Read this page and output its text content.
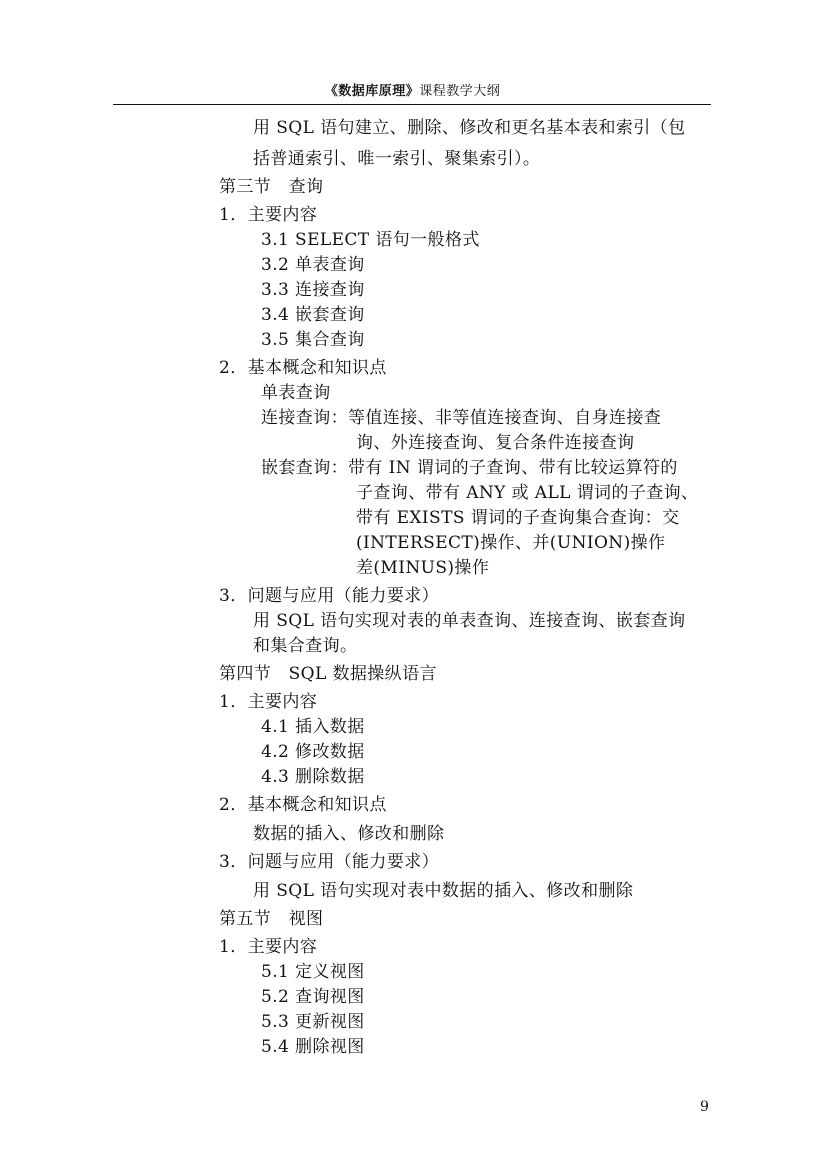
《数据库原理》课程教学大纲
用 SQL 语句建立、删除、修改和更名基本表和索引（包
括普通索引、唯一索引、聚集索引）。
第三节　查询
1．主要内容
3.1 SELECT 语句一般格式
3.2 单表查询
3.3 连接查询
3.4 嵌套查询
3.5 集合查询
2．基本概念和知识点
单表查询
连接查询：等值连接、非等值连接查询、自身连接查
询、外连接查询、复合条件连接查询
嵌套查询：带有 IN 谓词的子查询、带有比较运算符的
子查询、带有 ANY 或 ALL 谓词的子查询、
带有 EXISTS 谓词的子查询集合查询：交
(INTERSECT)操作、并(UNION)操作
差(MINUS)操作
3．问题与应用（能力要求）
用 SQL 语句实现对表的单表查询、连接查询、嵌套查询
和集合查询。
第四节　SQL 数据操纵语言
1．主要内容
4.1 插入数据
4.2 修改数据
4.3 删除数据
2．基本概念和知识点
数据的插入、修改和删除
3．问题与应用（能力要求）
用 SQL 语句实现对表中数据的插入、修改和删除
第五节　视图
1．主要内容
5.1 定义视图
5.2 查询视图
5.3 更新视图
5.4 删除视图
9
